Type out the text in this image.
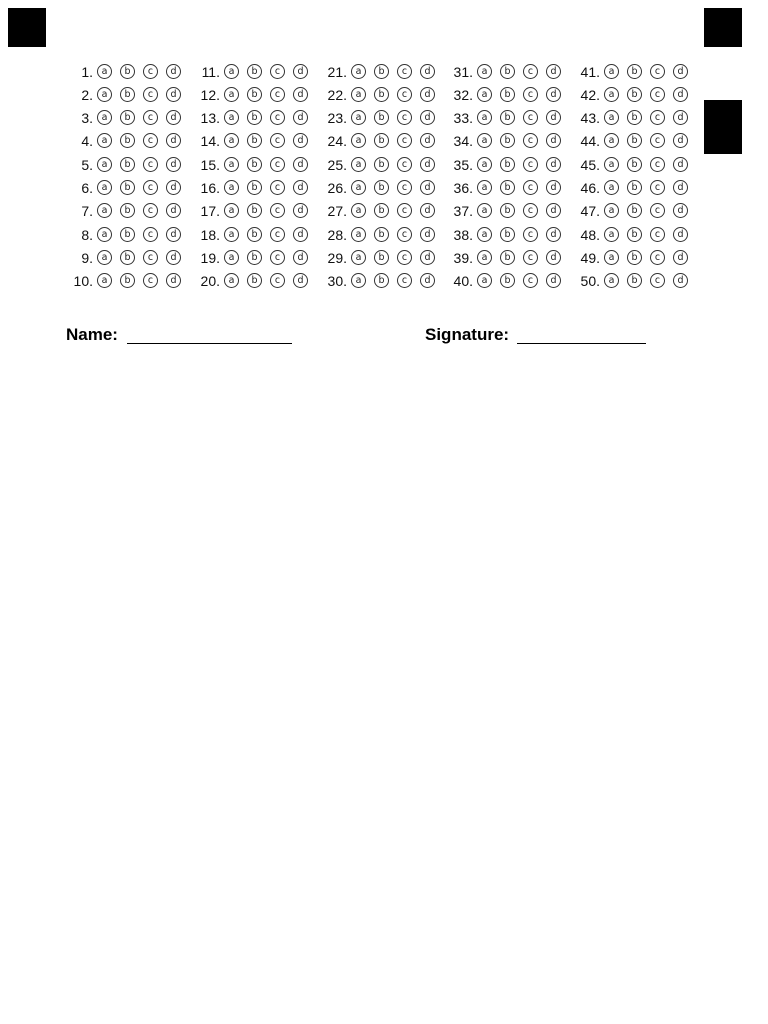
1. a	b	c	d
2. a	b	c	d
3. a	b	c	d
4. a	b	c	d
5. a	b	c	d
6. a	b	c	d
7. a	b	c	d
8. a	b	c	d
9. a	b	c	d
10. a	b	c	d
11. a	b	c	d
12. a	b	c	d
13. a	b	c	d
14. a	b	c	d
15. a	b	c	d
16. a	b	c	d
17. a	b	c	d
18. a	b	c	d
19. a	b	c	d
20. a	b	c	d
21. a	b	c	d
22. a	b	c	d
23. a	b	c	d
24. a	b	c	d
25. a	b	c	d
26. a	b	c	d
27. a	b	c	d
28. a	b	c	d
29. a	b	c	d
30. a	b	c	d
31. a	b	c	d
32. a	b	c	d
33. a	b	c	d
34. a	b	c	d
35. a	b	c	d
36. a	b	c	d
37. a	b	c	d
38. a	b	c	d
39. a	b	c	d
40. a	b	c	d
41. a	b	c	d
42. a	b	c	d
43. a	b	c	d
44. a	b	c	d
45. a	b	c	d
46. a	b	c	d
47. a	b	c	d
48. a	b	c	d
49. a	b	c	d
50. a	b	c	d
Name:	Signature:
